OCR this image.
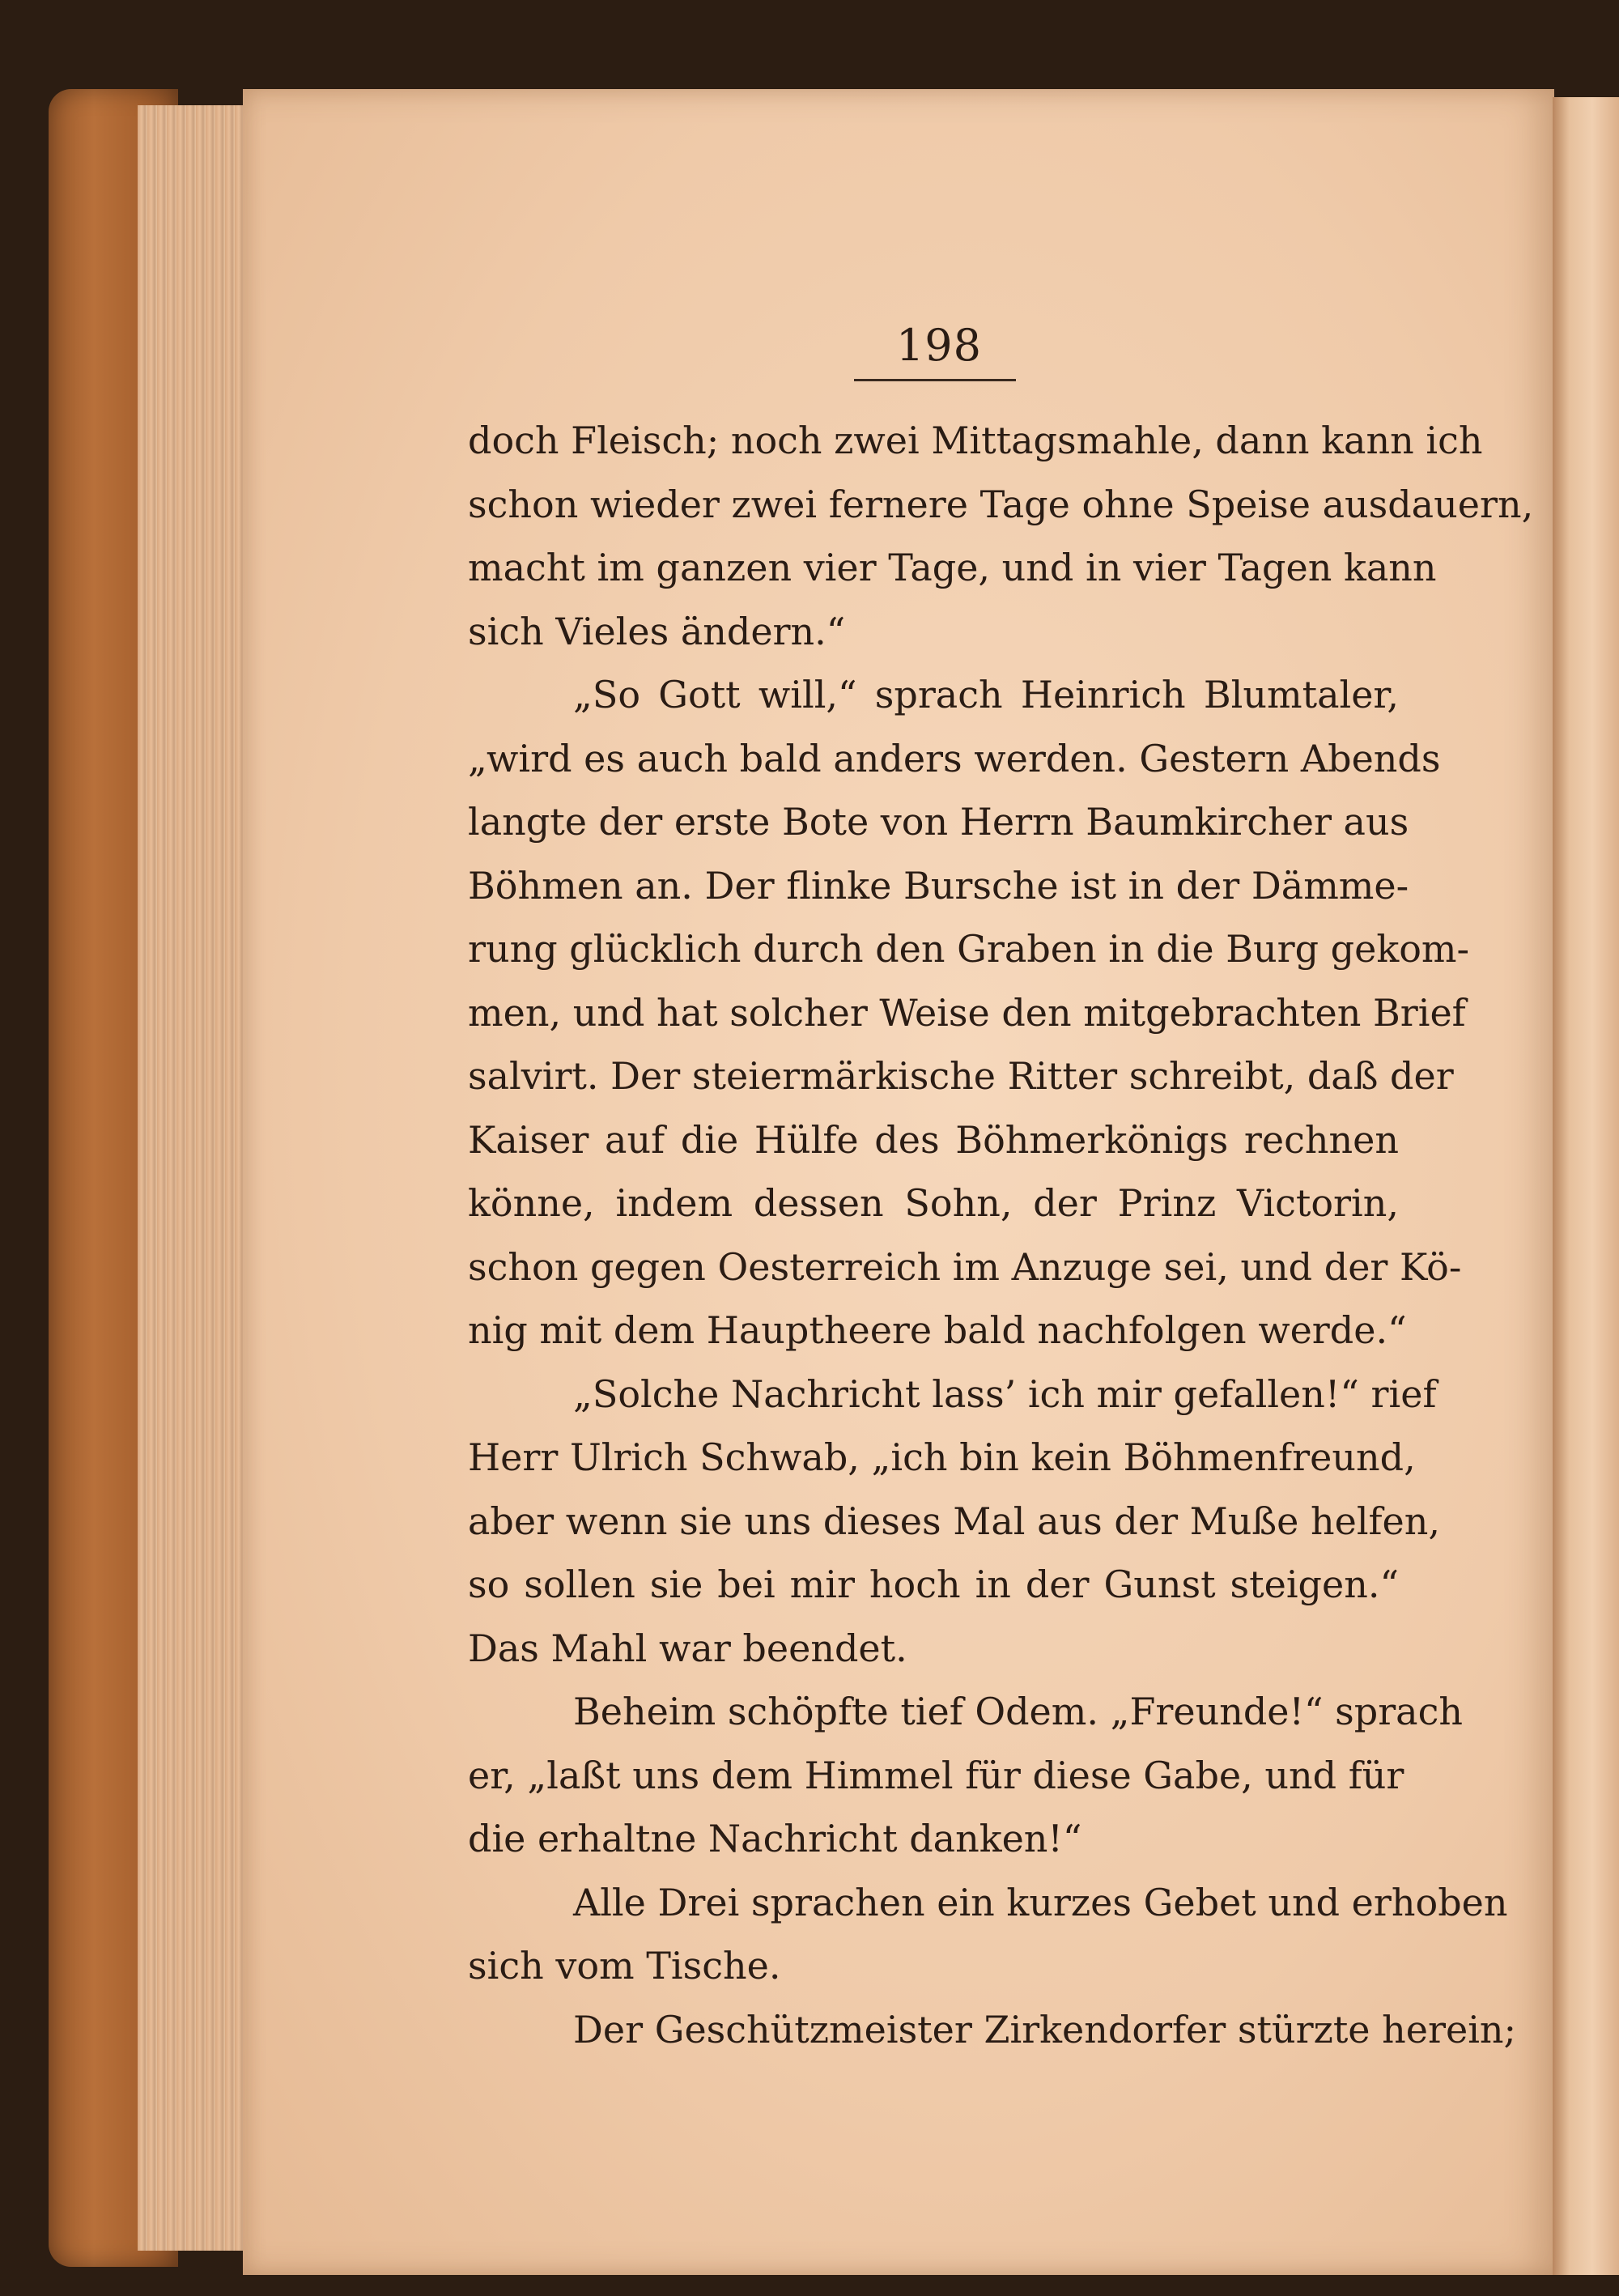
198
doch Fleisch; noch zwei Mittagsmahle, dann kann ich
schon wieder zwei fernere Tage ohne Speise ausdauern,
macht im ganzen vier Tage, und in vier Tagen kann
sich Vieles ändern.“
„So Gott will,“ sprach Heinrich Blumtaler,
„wird es auch bald anders werden. Gestern Abends
langte der erste Bote von Herrn Baumkircher aus
Böhmen an. Der flinke Bursche ist in der Dämme-
rung glücklich durch den Graben in die Burg gekom-
men, und hat solcher Weise den mitgebrachten Brief
salvirt. Der steiermärkische Ritter schreibt, daß der
Kaiser auf die Hülfe des Böhmerkönigs rechnen
könne, indem dessen Sohn, der Prinz Victorin,
schon gegen Oesterreich im Anzuge sei, und der Kö-
nig mit dem Hauptheere bald nachfolgen werde.“
„Solche Nachricht lass’ ich mir gefallen!“ rief
Herr Ulrich Schwab, „ich bin kein Böhmenfreund,
aber wenn sie uns dieses Mal aus der Muße helfen,
so sollen sie bei mir hoch in der Gunst steigen.“
Das Mahl war beendet.
Beheim schöpfte tief Odem. „Freunde!“ sprach
er, „laßt uns dem Himmel für diese Gabe, und für
die erhaltne Nachricht danken!“
Alle Drei sprachen ein kurzes Gebet und erhoben
sich vom Tische.
Der Geschützmeister Zirkendorfer stürzte herein;
